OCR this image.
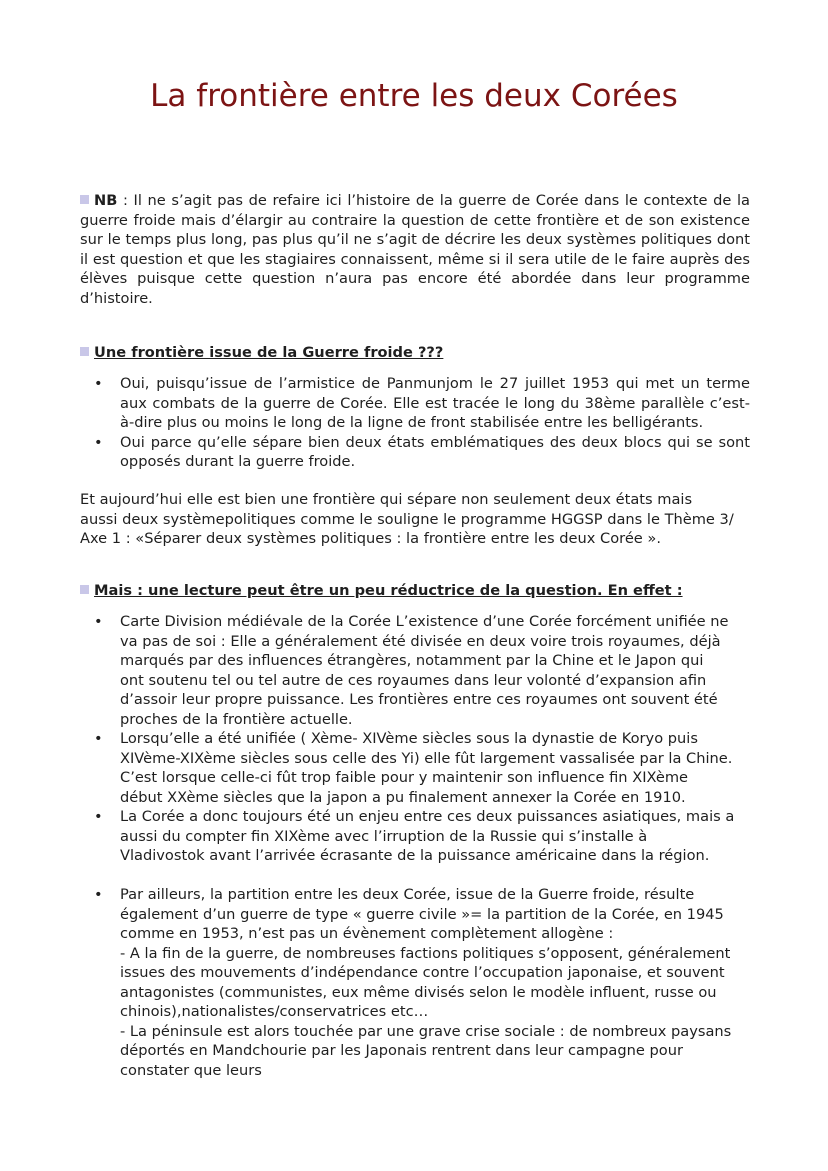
La frontière entre les deux Corées
NB : Il ne s’agit pas de refaire ici l’histoire de la guerre de Corée dans le contexte de la guerre froide mais d’élargir au contraire la question de cette frontière et de son existence sur le temps plus long, pas plus qu’il ne s’agit de décrire les deux systèmes politiques dont il est question et que les stagiaires connaissent, même si il sera utile de le faire auprès des élèves puisque cette question n’aura pas encore été abordée dans leur programme d’histoire.
Une frontière issue de la Guerre froide ???
• Oui, puisqu’issue de l’armistice de Panmunjom le 27 juillet 1953 qui met un terme aux combats de la guerre de Corée. Elle est tracée le long du 38ème parallèle c’est-à-dire plus ou moins le long de la ligne de front stabilisée entre les belligérants.
• Oui parce qu’elle sépare bien deux états emblématiques des deux blocs qui se sont opposés durant la guerre froide.
Et aujourd’hui elle est bien une frontière qui sépare non seulement deux états mais
aussi deux systèmepolitiques comme le souligne le programme HGGSP dans le Thème 3/
Axe 1 : «Séparer deux systèmes politiques : la frontière entre les deux Corée ».
Mais : une lecture peut être un peu réductrice de la question. En effet :
• Carte Division médiévale de la Corée L’existence d’une Corée forcément unifiée ne
va pas de soi : Elle a généralement été divisée en deux voire trois royaumes, déjà
marqués par des influences étrangères, notamment par la Chine et le Japon qui
ont soutenu tel ou tel autre de ces royaumes dans leur volonté d’expansion afin
d’assoir leur propre puissance. Les frontières entre ces royaumes ont souvent été
proches de la frontière actuelle.
• Lorsqu’elle a été unifiée ( Xème- XIVème siècles sous la dynastie de Koryo puis
XIVème-XIXème siècles sous celle des Yi) elle fût largement vassalisée par la Chine.
C’est lorsque celle-ci fût trop faible pour y maintenir son influence fin XIXème
début XXème siècles que la japon a pu finalement annexer la Corée en 1910.
• La Corée a donc toujours été un enjeu entre ces deux puissances asiatiques, mais a
aussi du compter fin XIXème avec l’irruption de la Russie qui s’installe à
Vladivostok avant l’arrivée écrasante de la puissance américaine dans la région.
• Par ailleurs, la partition entre les deux Corée, issue de la Guerre froide, résulte
également d’un guerre de type « guerre civile »= la partition de la Corée, en 1945
comme en 1953, n’est pas un évènement complètement allogène :
- A la fin de la guerre, de nombreuses factions politiques s’opposent, généralement
issues des mouvements d’indépendance contre l’occupation japonaise, et souvent
antagonistes (communistes, eux même divisés selon le modèle influent, russe ou
chinois),nationalistes/conservatrices etc…
- La péninsule est alors touchée par une grave crise sociale : de nombreux paysans
déportés en Mandchourie par les Japonais rentrent dans leur campagne pour
constater que leurs
